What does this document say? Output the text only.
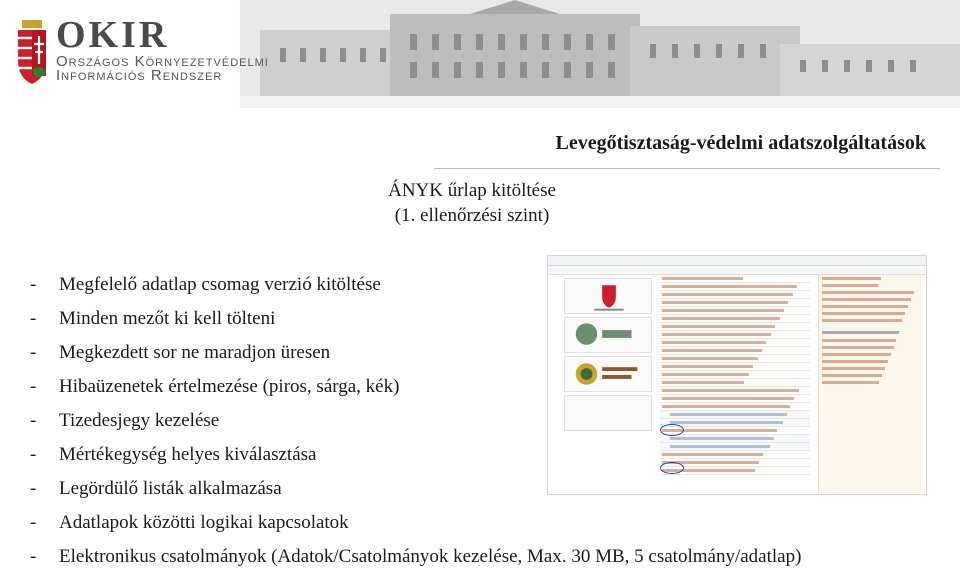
OKIR
Országos Környezetvédelmi
Információs Rendszer
Levegőtisztaság-védelmi adatszolgáltatások
ÁNYK űrlap kitöltése
(1. ellenőrzési szint)
- Megfelelő adatlap csomag verzió kitöltése
- Minden mezőt ki kell tölteni
- Megkezdett sor ne maradjon üresen
- Hibaüzenetek értelmezése (piros, sárga, kék)
- Tizedesjegy kezelése
- Mértékegység helyes kiválasztása
- Legördülő listák alkalmazása
- Adatlapok közötti logikai kapcsolatok
- Elektronikus csatolmányok (Adatok/Csatolmányok kezelése, Max. 30 MB, 5 csatolmány/adatlap)
